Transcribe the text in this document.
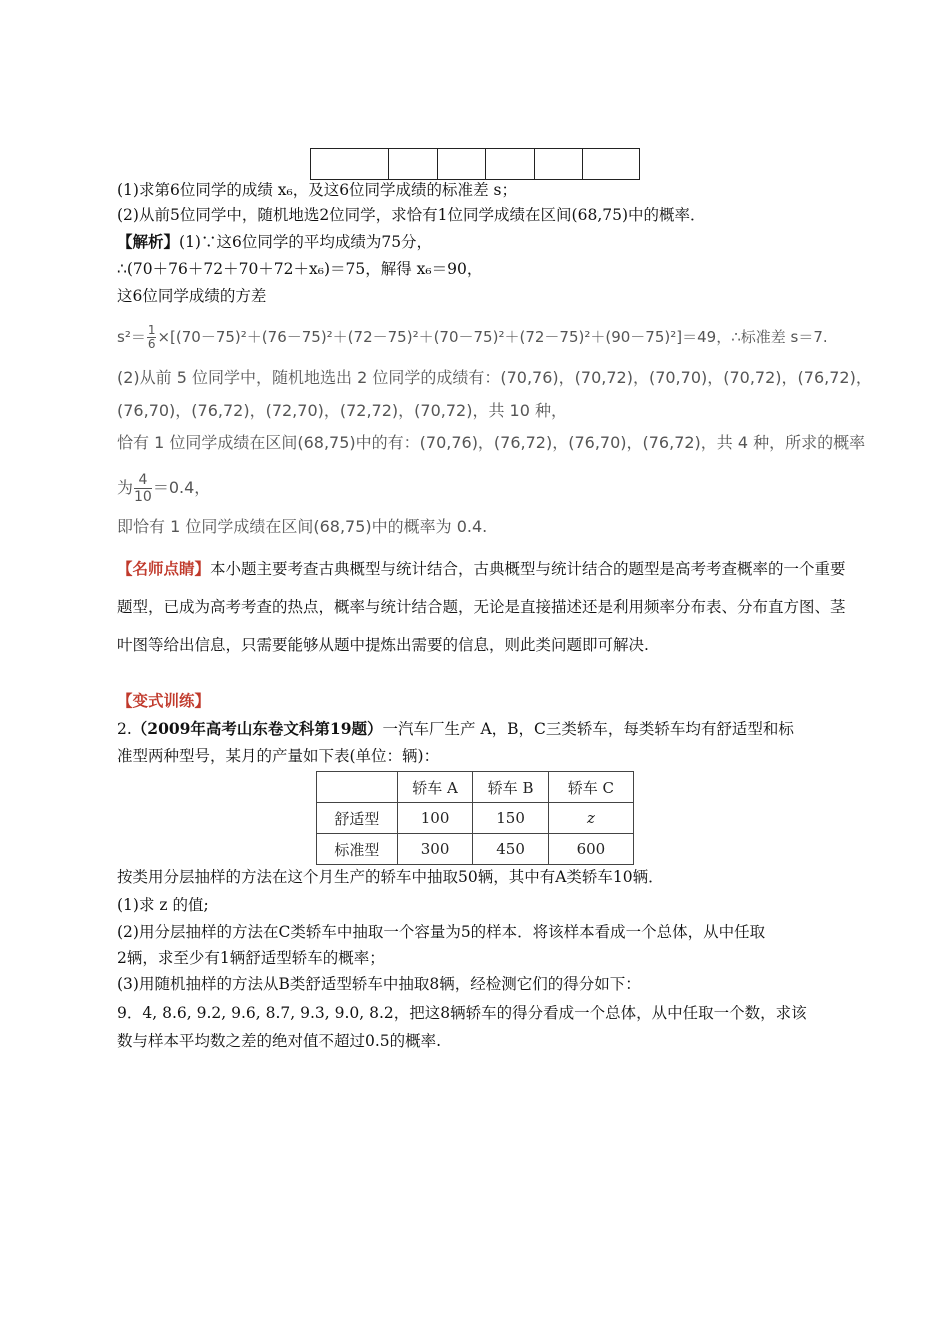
(1)求第6位同学的成绩 x₆，及这6位同学成绩的标准差 s；
(2)从前5位同学中，随机地选2位同学，求恰有1位同学成绩在区间(68,75)中的概率．
【解析】(1)∵这6位同学的平均成绩为75分，
∴(70＋76＋72＋70＋72＋x₆)＝75，解得 x₆＝90，
这6位同学成绩的方差
$s^2= \frac{1}{6} \times[(70-75)^2+(76-75)^2+(72-75)^2+(70-75)^2+(72-75)^2+(90-75)^2]=49$，∴标准差 s＝7.
(2)从前 5 位同学中，随机地选出 2 位同学的成绩有：(70,76)，(70,72)，(70,70)，(70,72)，(76,72)，
(76,70)，(76,72)，(72,70)，(72,72)，(70,72)，共 10 种，
恰有 1 位同学成绩在区间(68,75)中的有：(70,76)，(76,72)，(76,70)，(76,72)，共 4 种，所求的概率
为 $\frac{4}{10} =0.4$，
即恰有 1 位同学成绩在区间(68,75)中的概率为 0.4.
【名师点睛】本小题主要考查古典概型与统计结合，古典概型与统计结合的题型是高考考查概率的一个重要题型，已成为高考考查的热点，概率与统计结合题，无论是直接描述还是利用频率分布表、分布直方图、茎叶图等给出信息，只需要能够从题中提炼出需要的信息，则此类问题即可解决.
【变式训练】
2.（2009年高考山东卷文科第19题）一汽车厂生产 A，B，C三类轿车，每类轿车均有舒适型和标
准型两种型号，某月的产量如下表(单位：辆)：
	轿车 A	轿车 B	轿车 C
舒适型	100	150	z
标准型	300	450	600
按类用分层抽样的方法在这个月生产的轿车中抽取50辆，其中有A类轿车10辆．
(1)求 z 的值;
(2)用分层抽样的方法在C类轿车中抽取一个容量为5的样本．将该样本看成一个总体，从中任取
2辆，求至少有1辆舒适型轿车的概率；
(3)用随机抽样的方法从B类舒适型轿车中抽取8辆，经检测它们的得分如下：
9．4, 8.6, 9.2, 9.6, 8.7, 9.3, 9.0, 8.2，把这8辆轿车的得分看成一个总体，从中任取一个数，求该
数与样本平均数之差的绝对值不超过0.5的概率.
